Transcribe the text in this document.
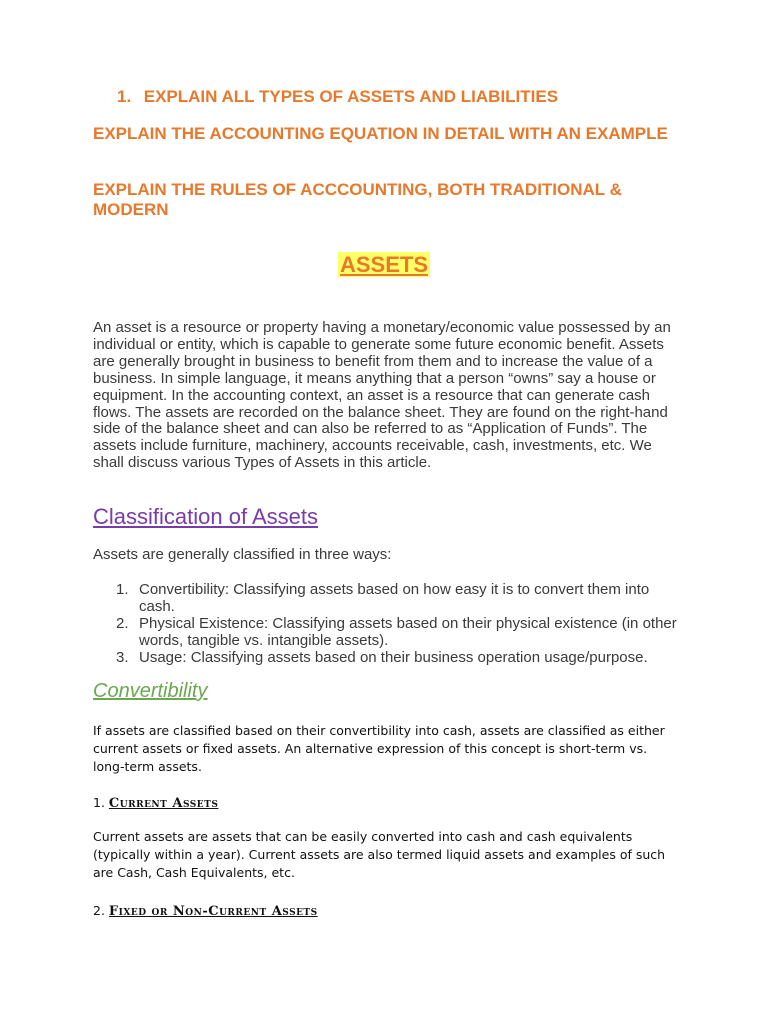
1. EXPLAIN ALL TYPES OF ASSETS AND LIABILITIES
EXPLAIN THE ACCOUNTING EQUATION IN DETAIL WITH AN EXAMPLE
EXPLAIN THE RULES OF ACCCOUNTING, BOTH TRADITIONAL & MODERN
ASSETS
An asset is a resource or property having a monetary/economic value possessed by an individual or entity, which is capable to generate some future economic benefit. Assets are generally brought in business to benefit from them and to increase the value of a business. In simple language, it means anything that a person “owns” say a house or equipment. In the accounting context, an asset is a resource that can generate cash flows. The assets are recorded on the balance sheet. They are found on the right-hand side of the balance sheet and can also be referred to as “Application of Funds”. The assets include furniture, machinery, accounts receivable, cash, investments, etc. We shall discuss various Types of Assets in this article.
Classification of Assets
Assets are generally classified in three ways:
1. Convertibility: Classifying assets based on how easy it is to convert them into cash.
2. Physical Existence: Classifying assets based on their physical existence (in other words, tangible vs. intangible assets).
3. Usage: Classifying assets based on their business operation usage/purpose.
Convertibility
If assets are classified based on their convertibility into cash, assets are classified as either current assets or fixed assets. An alternative expression of this concept is short-term vs. long-term assets.
1. Current Assets
Current assets are assets that can be easily converted into cash and cash equivalents (typically within a year). Current assets are also termed liquid assets and examples of such are Cash, Cash Equivalents, etc.
2. Fixed or Non-Current Assets
